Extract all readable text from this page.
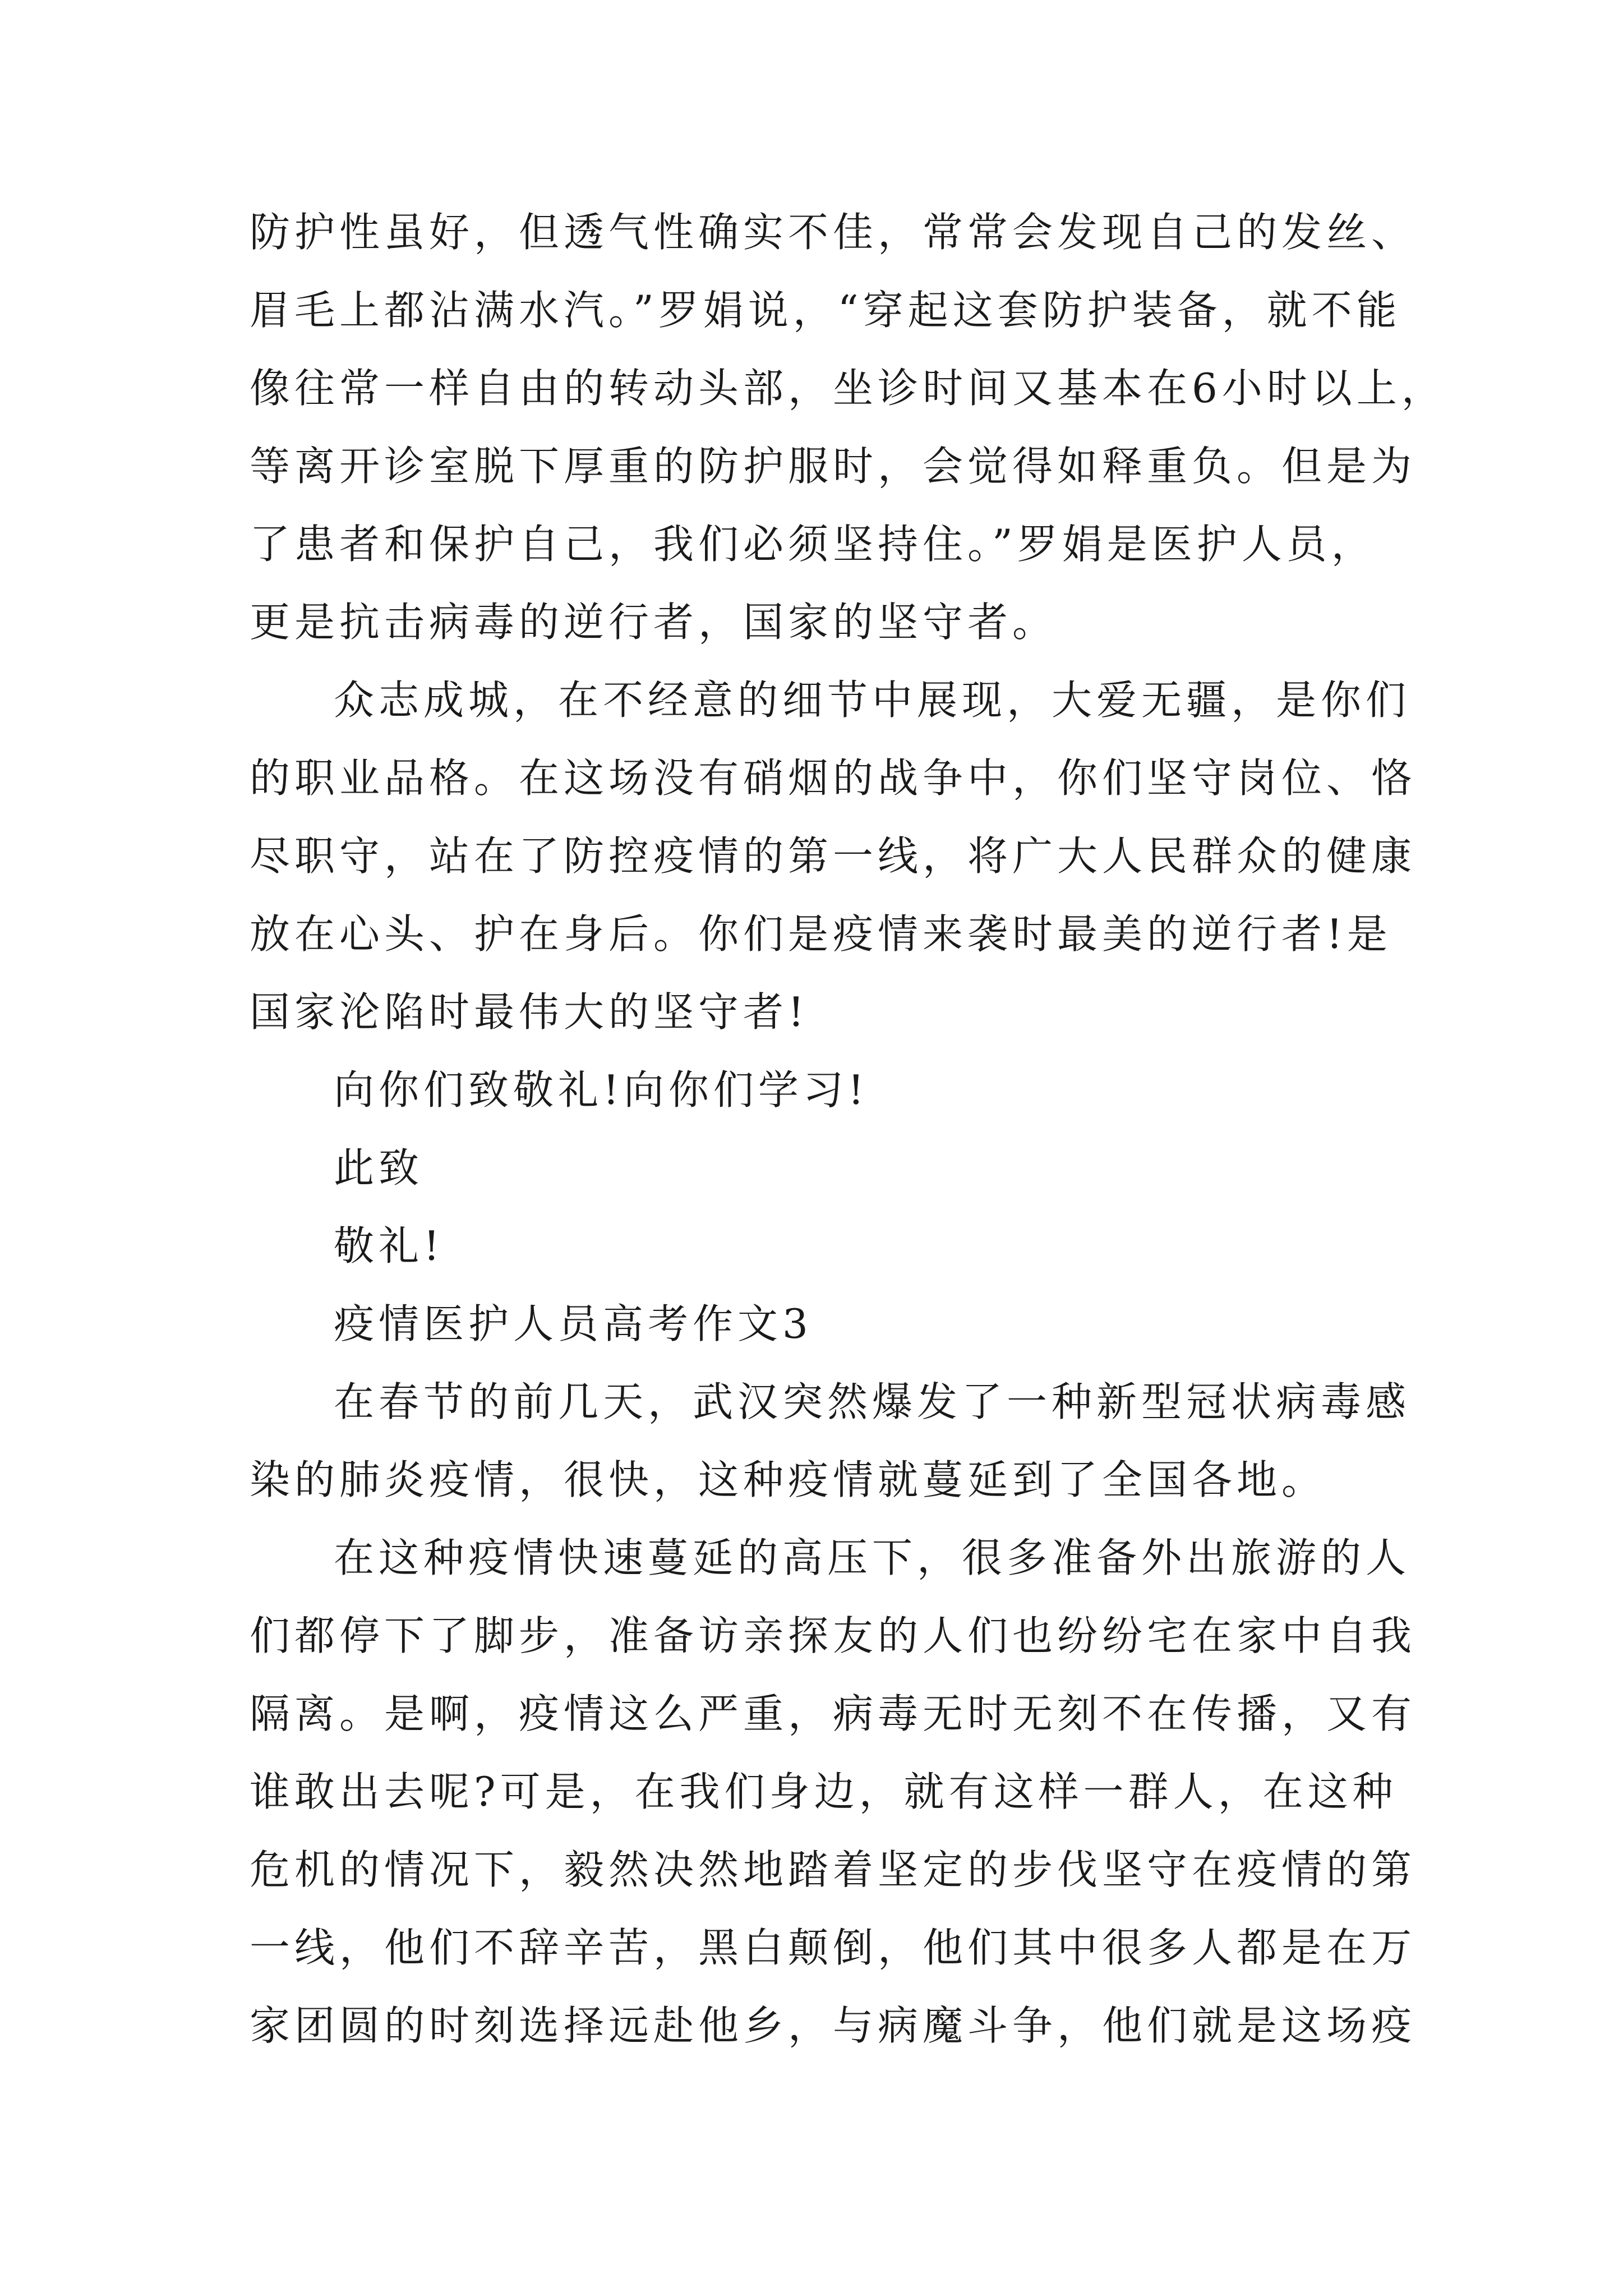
防护性虽好，但透气性确实不佳，常常会发现自己的发丝、
眉毛上都沾满水汽。”罗娟说，“穿起这套防护装备，就不能
像往常一样自由的转动头部，坐诊时间又基本在6小时以上，
等离开诊室脱下厚重的防护服时，会觉得如释重负。但是为
了患者和保护自己，我们必须坚持住。”罗娟是医护人员，
更是抗击病毒的逆行者，国家的坚守者。
众志成城，在不经意的细节中展现，大爱无疆，是你们
的职业品格。在这场没有硝烟的战争中，你们坚守岗位、恪
尽职守，站在了防控疫情的第一线，将广大人民群众的健康
放在心头、护在身后。你们是疫情来袭时最美的逆行者!是
国家沦陷时最伟大的坚守者!
向你们致敬礼!向你们学习!
此致
敬礼!
疫情医护人员高考作文3
在春节的前几天，武汉突然爆发了一种新型冠状病毒感
染的肺炎疫情，很快，这种疫情就蔓延到了全国各地。
在这种疫情快速蔓延的高压下，很多准备外出旅游的人
们都停下了脚步，准备访亲探友的人们也纷纷宅在家中自我
隔离。是啊，疫情这么严重，病毒无时无刻不在传播，又有
谁敢出去呢?可是，在我们身边，就有这样一群人，在这种
危机的情况下，毅然决然地踏着坚定的步伐坚守在疫情的第
一线，他们不辞辛苦，黑白颠倒，他们其中很多人都是在万
家团圆的时刻选择远赴他乡，与病魔斗争，他们就是这场疫
